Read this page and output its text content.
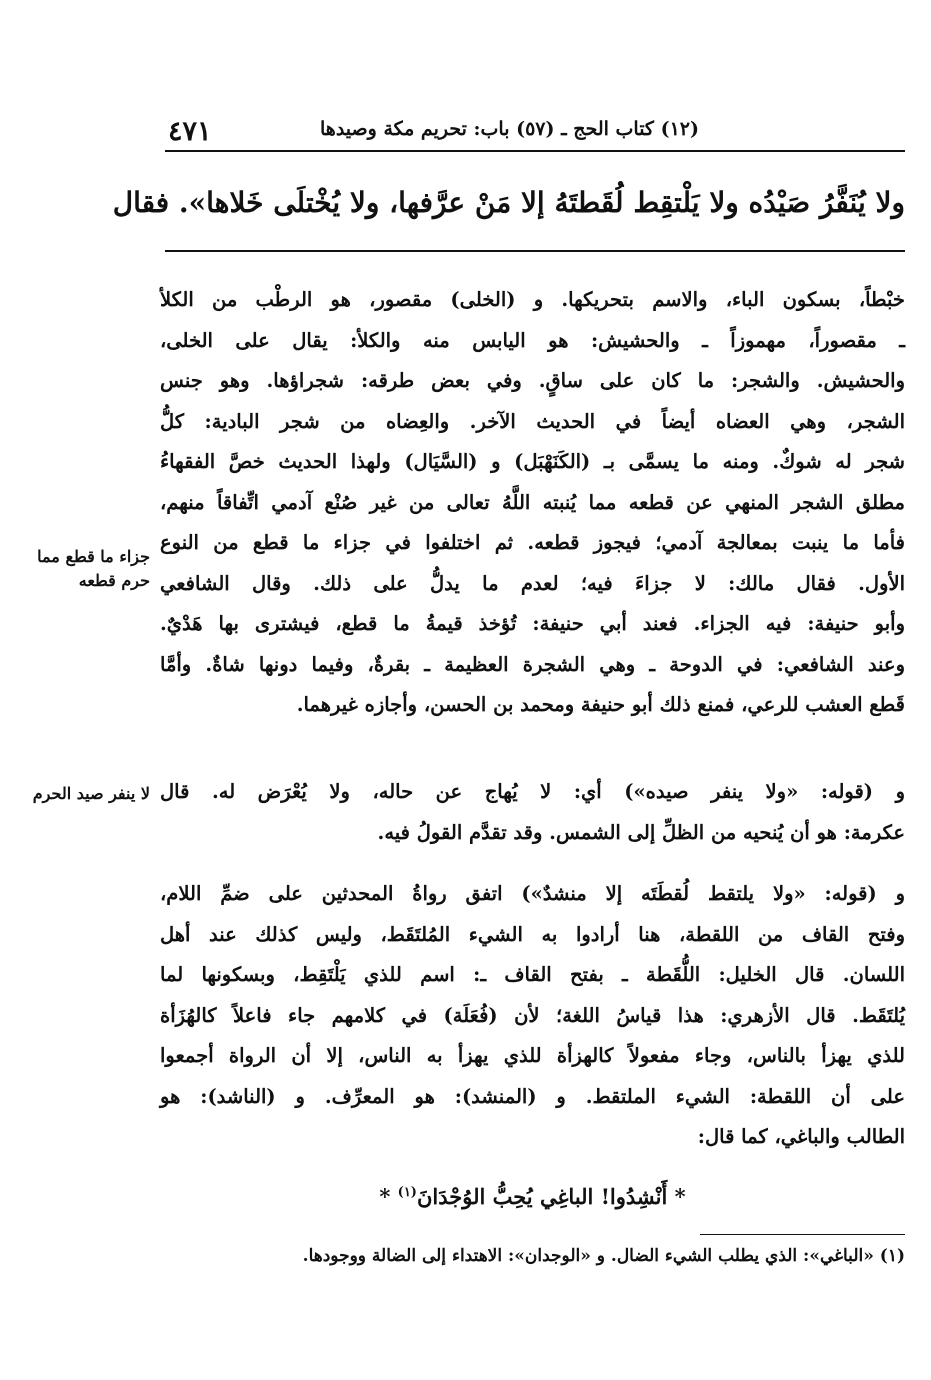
٤٧١	(١٢) كتاب الحج ـ (٥٧) باب: تحريم مكة وصيدها
ولا يُنَفَّرُ صَيْدُه ولا يَلْتقِط لُقَطتَهُ إلا مَنْ عرَّفها، ولا يُخْتلَى خَلاها». فقال
خبْطاً، بسكون الباء، والاسم بتحريكها. و (الخلى) مقصور، هو الرطْب من الكلأ
ـ مقصوراً، مهموزاً ـ والحشيش: هو اليابس منه والكلأ: يقال على الخلى،
والحشيش. والشجر: ما كان على ساقٍ. وفي بعض طرقه: شجراؤها. وهو جنس
الشجر، وهي العضاه أيضاً في الحديث الآخر. والعِضاه من شجر البادية: كلُّ
شجر له شوكٌ. ومنه ما يسمَّى بـ (الكَنَهْبَل) و (السَّيَال) ولهذا الحديث خصَّ الفقهاءُ
مطلق الشجر المنهي عن قطعه مما يُنبته اللَّهُ تعالى من غير صُنْع آدمي اتِّفاقاً منهم،
فأما ما ينبت بمعالجة آدمي؛ فيجوز قطعه. ثم اختلفوا في جزاء ما قطع من النوع
الأول. فقال مالك: لا جزاءَ فيه؛ لعدم ما يدلُّ على ذلك. وقال الشافعي
وأبو حنيفة: فيه الجزاء. فعند أبي حنيفة: تُؤخذ قيمةُ ما قطع، فيشترى بها هَدْيٌ.
وعند الشافعي: في الدوحة ـ وهي الشجرة العظيمة ـ بقرةٌ، وفيما دونها شاةٌ. وأمَّا
قَطع العشب للرعي، فمنع ذلك أبو حنيفة ومحمد بن الحسن، وأجازه غيرهما.
جزاء ما قطع مما حرم قطعه
و (قوله: «ولا ينفر صيده») أي: لا يُهاج عن حاله، ولا يُعْرَض له. قال
عكرمة: هو أن يُنحيه من الظلِّ إلى الشمس. وقد تقدَّم القولُ فيه.
لا ينفر صيد الحرم
و (قوله: «ولا يلتقط لُقطَتَه إلا منشدٌ») اتفق رواةُ المحدثين على ضمِّ اللام،
وفتح القاف من اللقطة، هنا أرادوا به الشيء المُلتَقَط، وليس كذلك عند أهل
اللسان. قال الخليل: اللُّقَطة ـ بفتح القاف ـ: اسم للذي يَلْتَقِط، وبسكونها لما
يُلتَقَط. قال الأزهري: هذا قياسُ اللغة؛ لأن (فُعَلَة) في كلامهم جاء فاعلاً كالهُزَأة
للذي يهزأ بالناس، وجاء مفعولاً كالهزأة للذي يهزأ به الناس، إلا أن الرواة أجمعوا
على أن اللقطة: الشيء الملتقط. و (المنشد): هو المعرِّف. و (الناشد): هو
الطالب والباغي، كما قال:
* أَنْشِدُوا! الباغِي يُحِبُّ الوُجْدَانَ$^{(١)}$ *
(١) «الباغي»: الذي يطلب الشيء الضال. و «الوجدان»: الاهتداء إلى الضالة ووجودها.
